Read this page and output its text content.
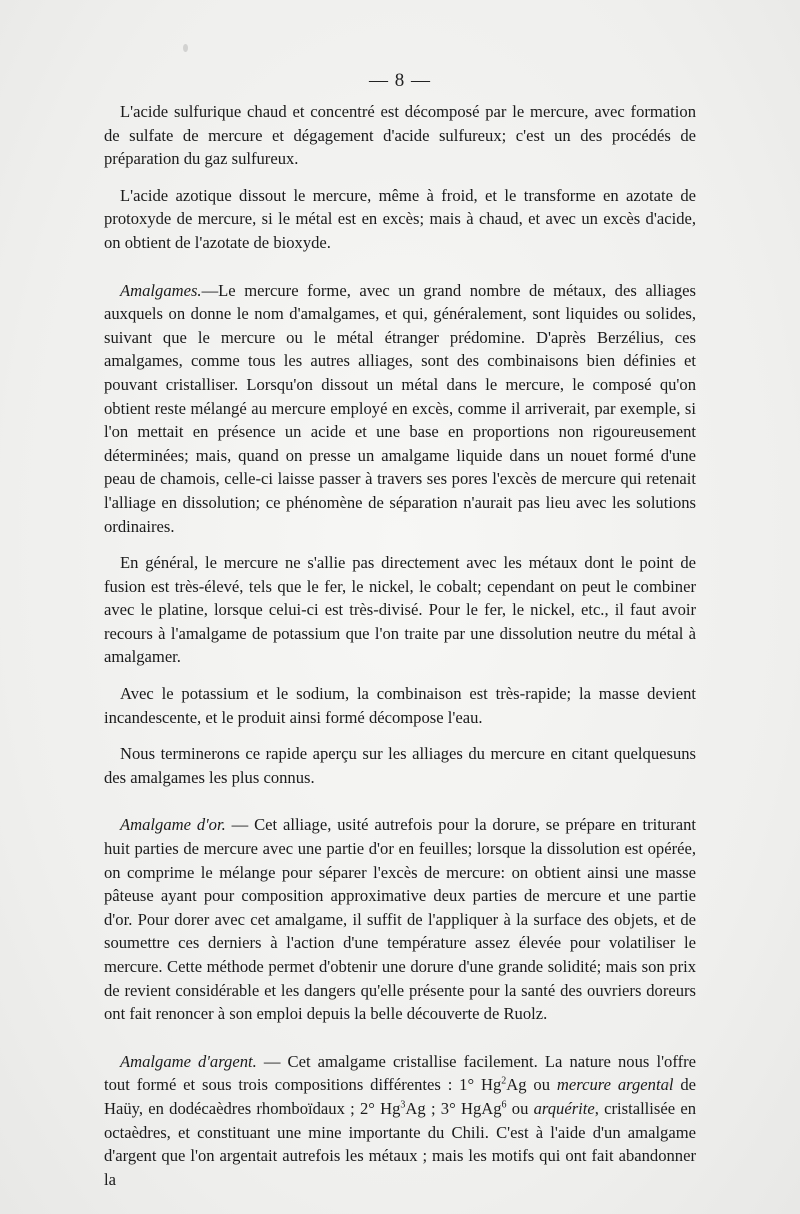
— 8 —

L'acide sulfurique chaud et concentré est décomposé par le mercure, avec formation de sulfate de mercure et dégagement d'acide sulfureux; c'est un des procédés de préparation du gaz sulfureux.

L'acide azotique dissout le mercure, même à froid, et le transforme en azotate de protoxyde de mercure, si le métal est en excès; mais à chaud, et avec un excès d'acide, on obtient de l'azotate de bioxyde.

Amalgames.—Le mercure forme, avec un grand nombre de métaux, des alliages auxquels on donne le nom d'amalgames, et qui, généralement, sont liquides ou solides, suivant que le mercure ou le métal étranger prédomine. D'après Berzélius, ces amalgames, comme tous les autres alliages, sont des combinaisons bien définies et pouvant cristalliser. Lorsqu'on dissout un métal dans le mercure, le composé qu'on obtient reste mélangé au mercure employé en excès, comme il arriverait, par exemple, si l'on mettait en présence un acide et une base en proportions non rigoureusement déterminées; mais, quand on presse un amalgame liquide dans un nouet formé d'une peau de chamois, celle-ci laisse passer à travers ses pores l'excès de mercure qui retenait l'alliage en dissolution; ce phénomène de séparation n'aurait pas lieu avec les solutions ordinaires.

En général, le mercure ne s'allie pas directement avec les métaux dont le point de fusion est très-élevé, tels que le fer, le nickel, le cobalt; cependant on peut le combiner avec le platine, lorsque celui-ci est très-divisé. Pour le fer, le nickel, etc., il faut avoir recours à l'amalgame de potassium que l'on traite par une dissolution neutre du métal à amalgamer.

Avec le potassium et le sodium, la combinaison est très-rapide; la masse devient incandescente, et le produit ainsi formé décompose l'eau.

Nous terminerons ce rapide aperçu sur les alliages du mercure en citant quelquesuns des amalgames les plus connus.

Amalgame d'or. — Cet alliage, usité autrefois pour la dorure, se prépare en triturant huit parties de mercure avec une partie d'or en feuilles; lorsque la dissolution est opérée, on comprime le mélange pour séparer l'excès de mercure: on obtient ainsi une masse pâteuse ayant pour composition approximative deux parties de mercure et une partie d'or. Pour dorer avec cet amalgame, il suffit de l'appliquer à la surface des objets, et de soumettre ces derniers à l'action d'une température assez élevée pour volatiliser le mercure. Cette méthode permet d'obtenir une dorure d'une grande solidité; mais son prix de revient considérable et les dangers qu'elle présente pour la santé des ouvriers doreurs ont fait renoncer à son emploi depuis la belle découverte de Ruolz.

Amalgame d'argent. — Cet amalgame cristallise facilement. La nature nous l'offre tout formé et sous trois compositions différentes : 1° Hg$^2$Ag ou mercure argental de Haüy, en dodécaèdres rhomboïdaux ; 2° Hg$^3$Ag ; 3° HgAg$^6$ ou arquérite, cristallisée en octaèdres, et constituant une mine importante du Chili. C'est à l'aide d'un amalgame d'argent que l'on argentait autrefois les métaux ; mais les motifs qui ont fait abandonner la
